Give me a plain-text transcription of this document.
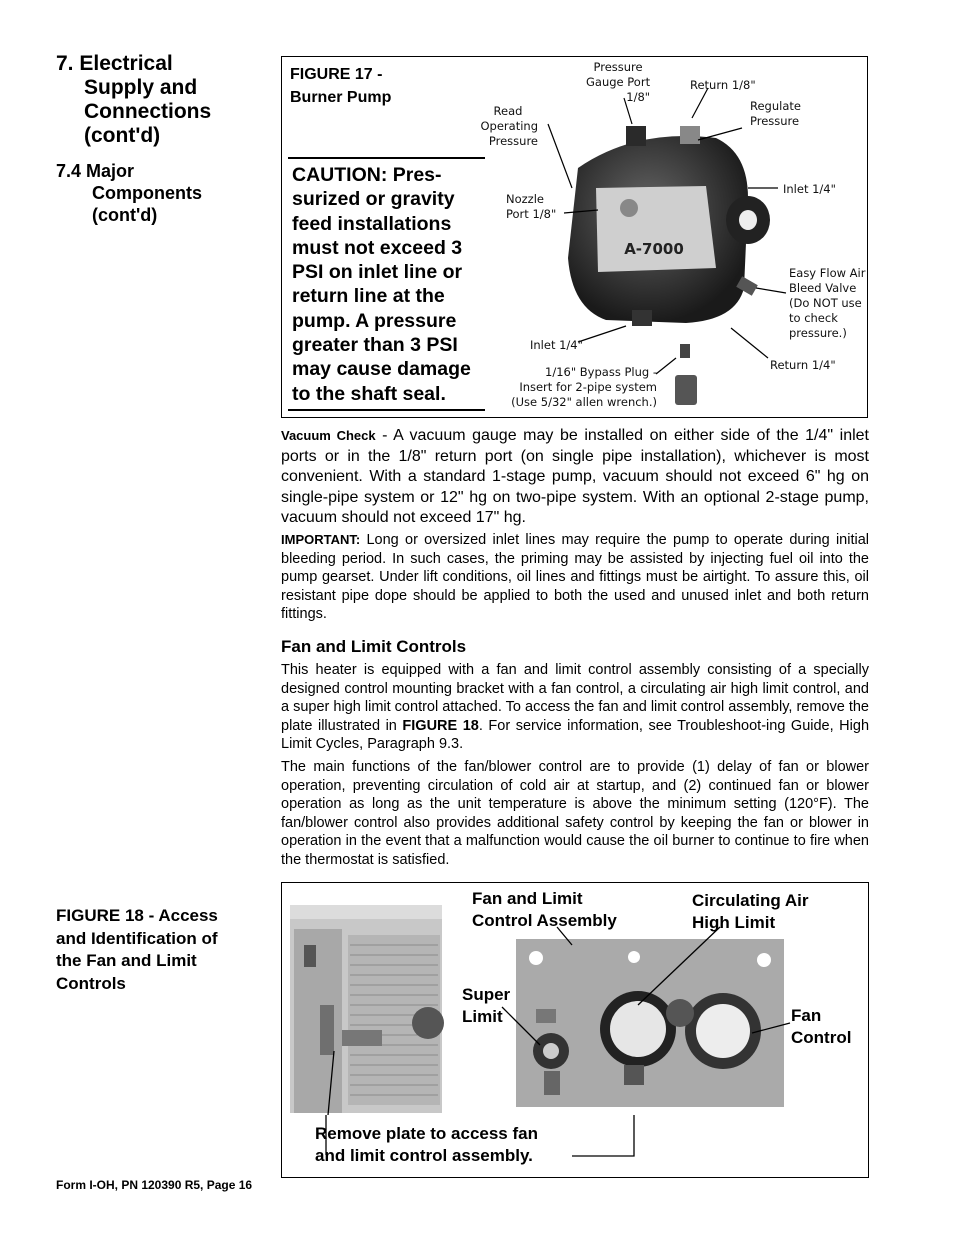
7. Electrical
Supply and
Connections
(cont'd)
7.4 Major
Components
(cont'd)
FIGURE 17 -
Burner Pump
CAUTION: Pres-surized or gravity feed installations must not exceed 3 PSI on inlet line or return line at the pump. A pressure greater than 3 PSI may cause damage to the shaft seal.
A-7000
Pressure
Gauge Port
1/8"
Return 1/8"
Regulate
Pressure
Read
Operating
Pressure
Inlet 1/4"
Nozzle
Port 1/8"
Easy Flow Air
Bleed Valve
(Do NOT use
to check
pressure.)
Inlet 1/4"
Return 1/4"
1/16" Bypass Plug -
Insert for 2-pipe system
(Use 5/32" allen wrench.)
Vacuum Check - A vacuum gauge may be installed on either side of the 1/4" inlet ports or in the 1/8" return port (on single pipe installation), whichever is most convenient. With a standard 1-stage pump, vacuum should not exceed 6" hg on single-pipe system or 12" hg on two-pipe system. With an optional 2-stage pump, vacuum should not exceed 17" hg.
IMPORTANT: Long or oversized inlet lines may require the pump to operate during initial bleeding period. In such cases, the priming may be assisted by injecting fuel oil into the pump gearset. Under lift conditions, oil lines and fittings must be airtight. To assure this, oil resistant pipe dope should be applied to both the used and unused inlet and both return fittings.
Fan and Limit Controls
This heater is equipped with a fan and limit control assembly consisting of a specially designed control mounting bracket with a fan control, a circulating air high limit control, and a super high limit control attached. To access the fan and limit control assembly, remove the plate illustrated in FIGURE 18. For service information, see Troubleshoot-ing Guide, High Limit Cycles, Paragraph 9.3.
The main functions of the fan/blower control are to provide (1) delay of fan or blower operation, preventing circulation of cold air at startup, and (2) continued fan or blower operation as long as the unit temperature is above the minimum setting (120°F). The fan/blower control also provides additional safety control by keeping the fan or blower in operation in the event that a malfunction would cause the oil burner to continue to fire when the thermostat is satisfied.
FIGURE 18 - Access and Identification of the Fan and Limit Controls
Fan and Limit
Control Assembly
Circulating Air
High Limit
Super
Limit	Fan
Control
Remove plate to access fan
and limit control assembly.
Form I-OH, PN 120390 R5, Page 16
